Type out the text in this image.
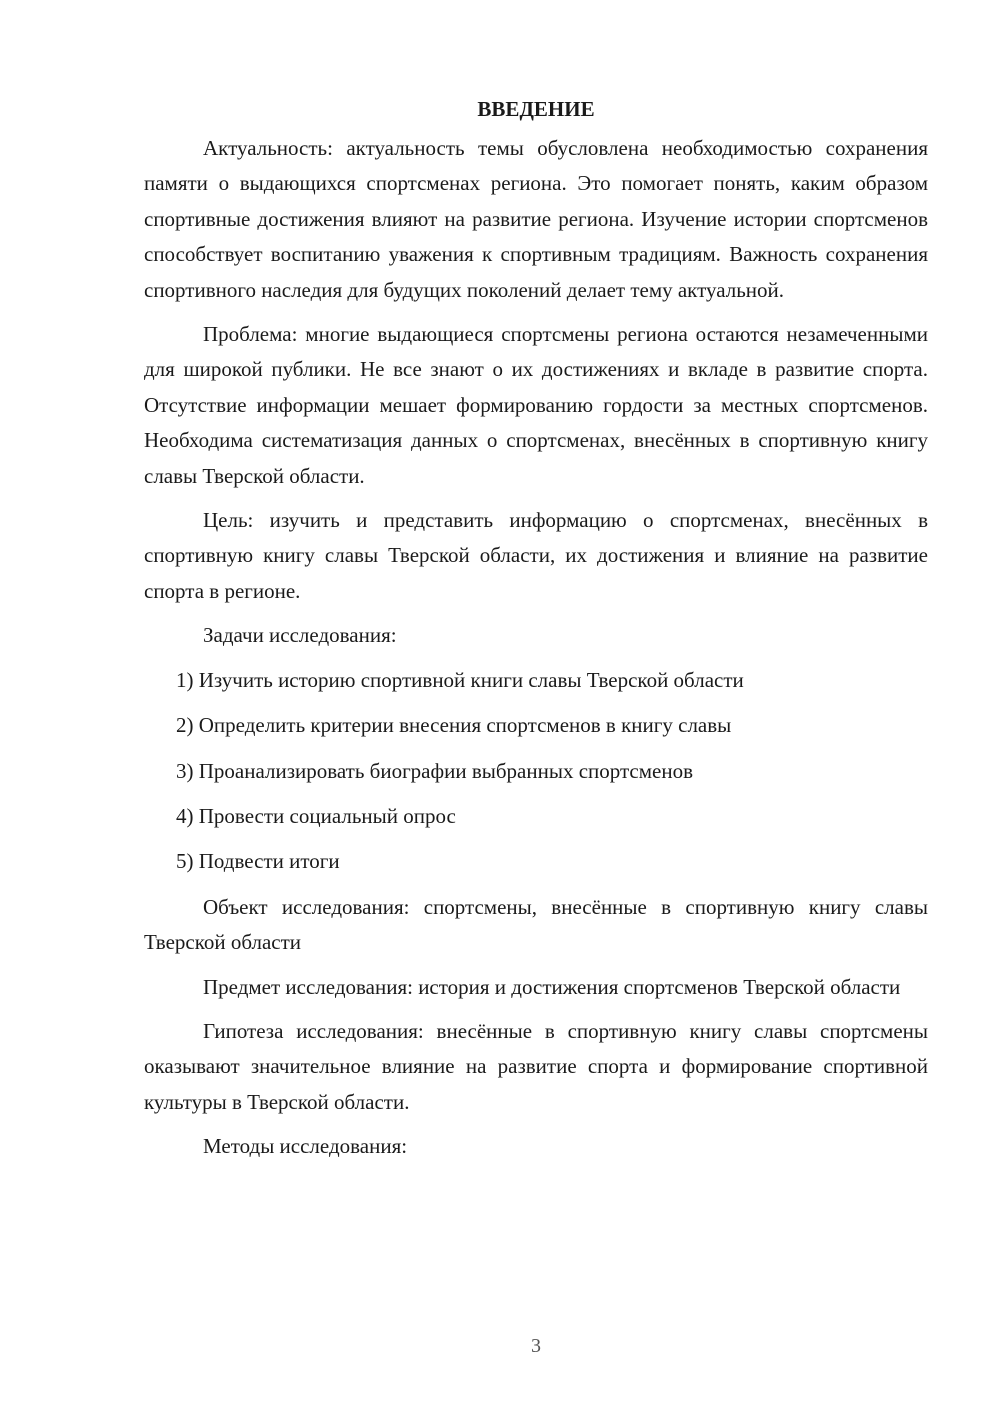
ВВЕДЕНИЕ

Актуальность: актуальность темы обусловлена необходимостью сохранения памяти о выдающихся спортсменах региона. Это помогает понять, каким образом спортивные достижения влияют на развитие региона. Изучение истории спортсменов способствует воспитанию уважения к спортивным традициям. Важность сохранения спортивного наследия для будущих поколений делает тему актуальной.

Проблема: многие выдающиеся спортсмены региона остаются незамеченными для широкой публики. Не все знают о их достижениях и вкладе в развитие спорта. Отсутствие информации мешает формированию гордости за местных спортсменов. Необходима систематизация данных о спортсменах, внесённых в спортивную книгу славы Тверской области.

Цель: изучить и представить информацию о спортсменах, внесённых в спортивную книгу славы Тверской области, их достижения и влияние на развитие спорта в регионе.

Задачи исследования:

1) Изучить историю спортивной книги славы Тверской области

2) Определить критерии внесения спортсменов в книгу славы

3) Проанализировать биографии выбранных спортсменов

4) Провести социальный опрос

5) Подвести итоги

Объект исследования: спортсмены, внесённые в спортивную книгу славы Тверской области

Предмет исследования: история и достижения спортсменов Тверской области

Гипотеза исследования: внесённые в спортивную книгу славы спортсмены оказывают значительное влияние на развитие спорта и формирование спортивной культуры в Тверской области.

Методы исследования:

3
